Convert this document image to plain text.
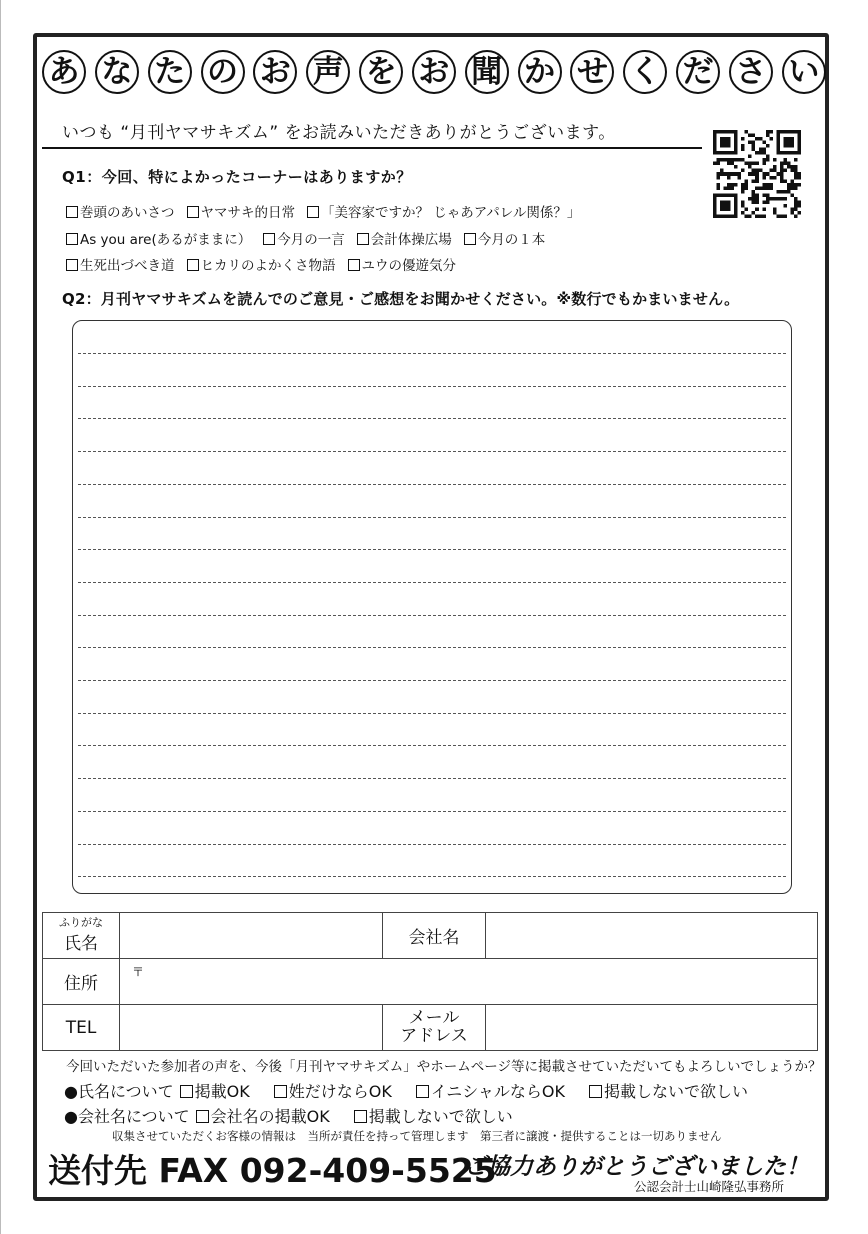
あ な た の お 声 を お 聞 か せ く だ さ い
いつも “月刊ヤマサキズム” をお読みいただきありがとうございます。
Q1：今回、特によかったコーナーはありますか？
巻頭のあいさつ ヤマサキ的日常 「美容家ですか？ じゃあアパレル関係？」
As you are(あるがままに） 今月の一言 会計体操広場 今月の１本
生死出づべき道 ヒカリのよかくさ物語 ユウの優遊気分
Q2：月刊ヤマサキズムを読んでのご意見・ご感想をお聞かせください。※数行でもかまいません。
ふりがな
氏名		会社名	
住所	〒		
TEL		メール
アドレス	

今回いただいた参加者の声を、今後「月刊ヤマサキズム」やホームページ等に掲載させていただいてもよろしいでしょうか？
●氏名について 掲載OK 姓だけならOK イニシャルならOK 掲載しないで欲しい
●会社名について 会社名の掲載OK 掲載しないで欲しい
収集させていただくお客様の情報は　当所が責任を持って管理します　第三者に譲渡・提供することは一切ありません
送付先 FAX 092-409-5525
ご協力ありがとうございました！
公認会計士山崎隆弘事務所
